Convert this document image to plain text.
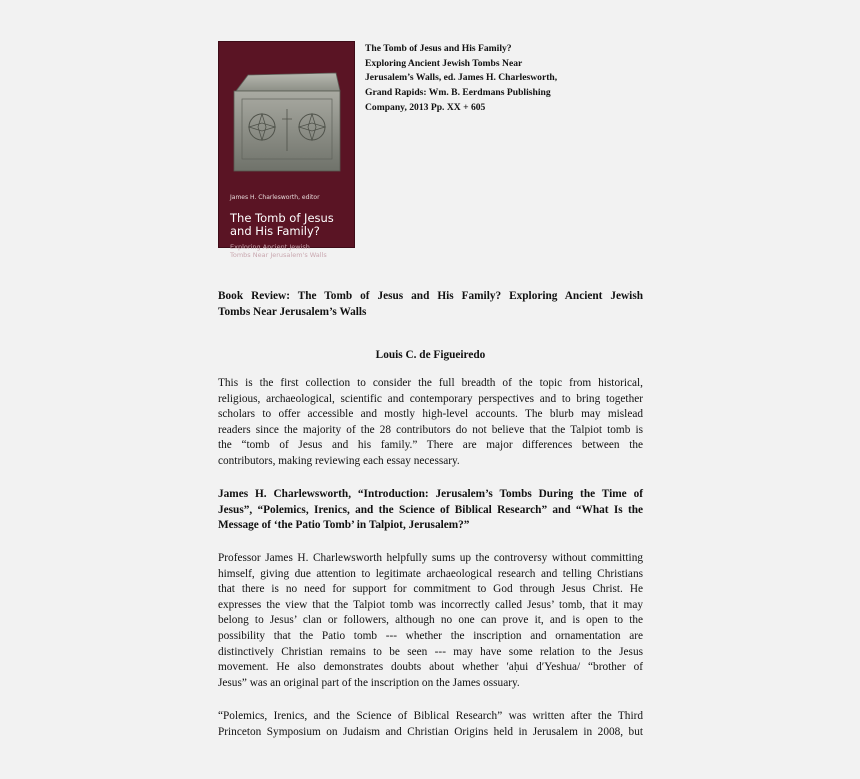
James H. Charlesworth, editor
The Tomb of Jesus and His Family?
Exploring Ancient Jewish
Tombs Near Jerusalem's Walls
The Tomb of Jesus and His Family?
Exploring Ancient Jewish Tombs Near
Jerusalem’s Walls, ed. James H. Charlesworth,
Grand Rapids: Wm. B. Eerdmans Publishing
Company, 2013 Pp. XX + 605
Book Review: The Tomb of Jesus and His Family? Exploring Ancient Jewish
Tombs Near Jerusalem’s Walls
Louis C. de Figueiredo
This is the first collection to consider the full breadth of the topic from historical,
religious, archaeological, scientific and contemporary perspectives and to bring together
scholars to offer accessible and mostly high-level accounts. The blurb may mislead
readers since the majority of the 28 contributors do not believe that the Talpiot tomb is
the “tomb of Jesus and his family.” There are major differences between the
contributors, making reviewing each essay necessary.
James H. Charlewsworth, “Introduction: Jerusalem’s Tombs During the Time of
Jesus”, “Polemics, Irenics, and the Science of Biblical Research” and “What Is the
Message of ‘the Patio Tomb’ in Talpiot, Jerusalem?”
Professor James H. Charlewsworth helpfully sums up the controversy without committing
himself, giving due attention to legitimate archaeological research and telling Christians
that there is no need for support for commitment to God through Jesus Christ. He
expresses the view that the Talpiot tomb was incorrectly called Jesus’ tomb, that it may
belong to Jesus’ clan or followers, although no one can prove it, and is open to the
possibility that the Patio tomb --- whether the inscription and ornamentation are
distinctively Christian remains to be seen --- may have some relation to the Jesus
movement. He also demonstrates doubts about whether ′aḥui d′Yeshua/ “brother of
Jesus” was an original part of the inscription on the James ossuary.
“Polemics, Irenics, and the Science of Biblical Research” was written after the Third
Princeton Symposium on Judaism and Christian Origins held in Jerusalem in 2008, but
